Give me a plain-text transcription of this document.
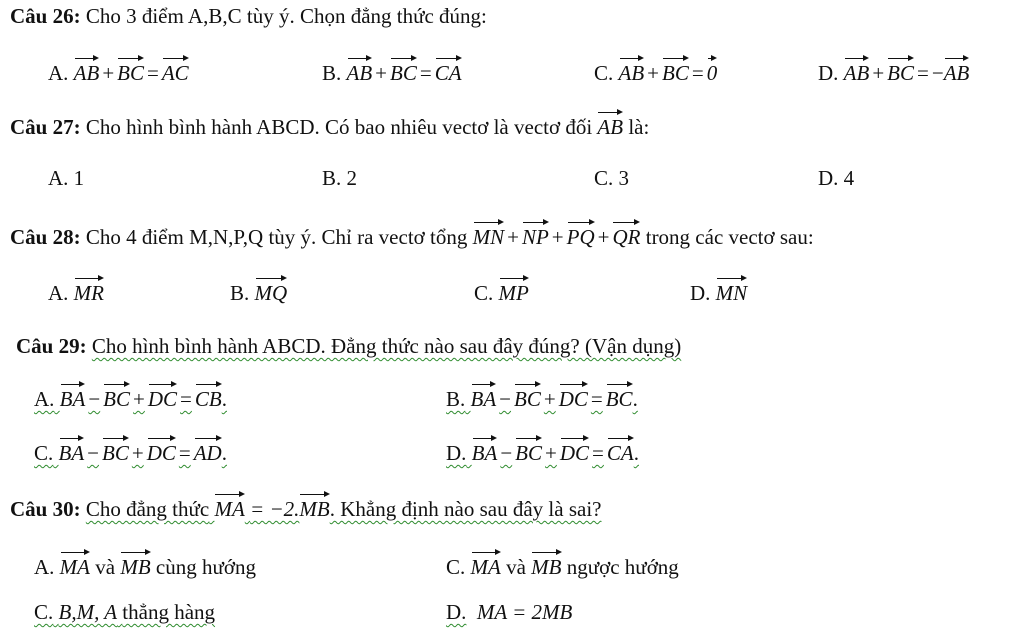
Câu 26: Cho 3 điểm A,B,C tùy ý. Chọn đẳng thức đúng:
A. AB + BC = AC	B. AB + BC = CA	C. AB + BC = 0	D. AB + BC = −AB
Câu 27: Cho hình bình hành ABCD. Có bao nhiêu vectơ là vectơ đối AB là:
A. 1	B. 2	C. 3	D. 4
Câu 28: Cho 4 điểm M,N,P,Q tùy ý. Chỉ ra vectơ tổng MN + NP + PQ + QR trong các vectơ sau:
A. MR	B. MQ	C. MP	D. MN
Câu 29: Cho hình bình hành ABCD. Đẳng thức nào sau đây đúng? (Vận dụng)
A. BA − BC + DC = CB.	B. BA − BC + DC = BC.
C. BA − BC + DC = AD.	D. BA − BC + DC = CA.
Câu 30: Cho đẳng thức MA = −2.MB. Khẳng định nào sau đây là sai?
A. MA và MB cùng hướng	C. MA và MB ngược hướng
C. B,M, A thẳng hàng	D. MA = 2MB
